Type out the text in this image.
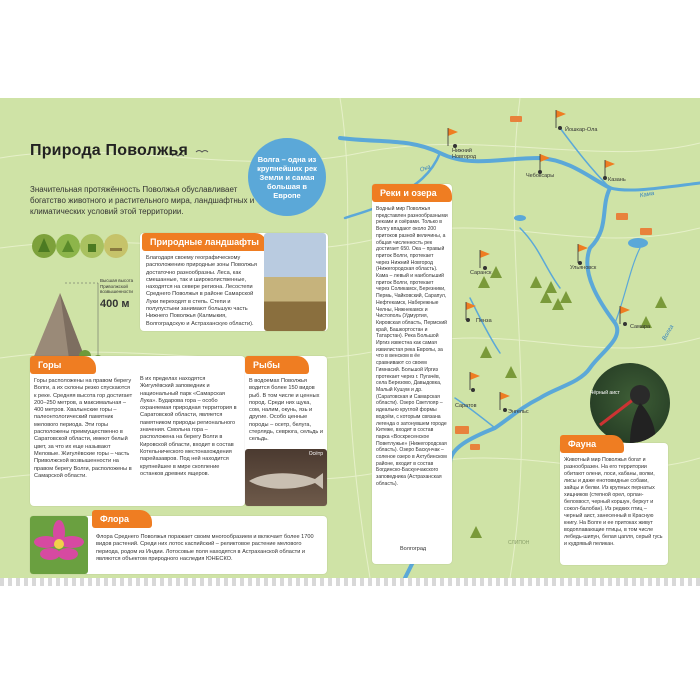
Природа Поволжья
Значительная протяжённость Поволжья обуславливает богатство животного и растительного мира, ландшафтных и климатических условий этой территории.
Волга – одна из крупнейших рек Земли и самая большая в Европе
Высшая высота Приволжской возвышенности
400 м
Природные ландшафты
Благодаря своему географическому расположению природные зоны Поволжья достаточно разнообразны. Леса, как смешанные, так и широколиственные, находятся на севере региона. Лесостепи Среднего Поволжья в районе Самарской Луки переходят в степь. Степи и полупустыни занимают большую часть Нижнего Поволжья (Калмыкия, Волгоградскую и Астраханскую области).
Горы
Горы расположены на правом берегу Волги, а их склоны резко спускаются к реке. Средняя высота гор достигает 200–250 метров, а максимальная – 400 метров. Хвалынские горы – палеонтологический памятник мелового периода. Эти горы расположены преимущественно в Саратовской области, имеют белый цвет, за что их еще называют Меловые. Жигулёвские горы – часть Приволжской возвышенности на правом берегу Волги, расположены в Самарской области.
В их пределах находятся Жигулёвский заповедник и национальный парк «Самарская Лука». Бударова гора – особо охраняемая природная территория в Саратовской области, является памятником природы регионального значения. Смольна гора – расположена на берегу Волги в Кировской области, входит в состав Котельнического местонахождения парейазавров. Под ней находится крупнейшее в мире скопление останков древних ящеров.
Рыбы
В водоемах Поволжья водится более 150 видов рыб. В том числе и ценных пород. Среди них щука, сом, налим, окунь, язь и другие. Особо ценные породы – осетр, белуга, стерлядь, севрюга, сельдь и сельдь.
Осётр
Флора
Флора Среднего Поволжья поражает своим многообразием и включает более 1700 видов растений. Среди них лотос каспийский – реликтовое растение мелового периода, родом из Индии. Лотосовые поля находятся в Астраханской области и являются объектом природного наследия ЮНЕСКО.
Реки и озера
Водный мир Поволжья представлен разнообразными реками и озёрами. Только в Волгу впадают около 200 притоков разной величины, а общая численность рек достигает 650. Ока – правый приток Волги, протекает через Нижний Новгород (Нижегородская область). Кама – левый и наибольший приток Волги, протекает через Соликамск, Березники, Пермь, Чайковский, Сарапул, Нефтекамск, Набережные Челны, Нижнекамск и Чистополь (Удмуртия, Кировская область, Пермский край, Башкортостан и Татарстан). Река Большой Иргиз известна как самая извилистая река Европы, за что в венском в ёе сравнивают со своем Гимнасий. Большой Иргиз протекает через г. Пугачёв, села Березово, Давыдовка, Малый Кушум и др. (Саратовская и Самарская области). Озеро Светлояр – идеально круглой формы водоём, с которым связана легенда о затонувшем городе Китеже, входит в состав парка «Воскресенское Поветлужье» (Нижегородская область). Озеро Баскунчак – соленое озеро в Ахтубинском районе, входит в состав Богдинско-Баскунчакского заповедника (Астраханская область).
Чёрный аист
Фауна
Животный мир Поволжья богат и разнообразен. На его территории обитают олени, лоси, кабаны, волки, лисы и даже енотовидные собаки, зайцы и белки. Из крупных пернатых хищников (степной орел, орлан-белохвост, черный коршун, беркут и сокол-балобан). Из редких птиц – черный аист, занесенный в Красную книгу. На Волге и ее притоках живут водоплавающие птицы, в том числе лебедь-шипун, белая цапля, серый гусь и кудрявый пеликан.
Йошкар-Ола
Нижний Новгород
Чебоксары
Казань
Ульяновск
Саранск
Пенза
Самара
Саратов
Энгельс
Волгоград
Волга
Кама
Ока
СЛИПОН
